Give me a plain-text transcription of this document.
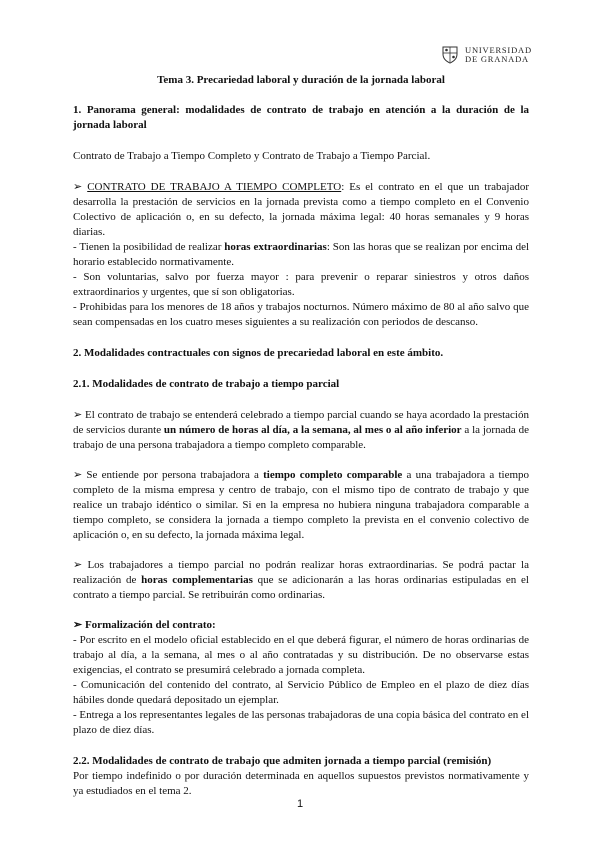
UNIVERSIDAD
DE GRANADA

Tema 3. Precariedad laboral y duración de la jornada laboral

1. Panorama general: modalidades de contrato de trabajo en atención a la duración de la jornada laboral

Contrato de Trabajo a Tiempo Completo y Contrato de Trabajo a Tiempo Parcial.

➢ CONTRATO DE TRABAJO A TIEMPO COMPLETO: Es el contrato en el que un trabajador desarrolla la prestación de servicios en la jornada prevista como a tiempo completo en el Convenio Colectivo de aplicación o, en su defecto, la jornada máxima legal: 40 horas semanales y 9 horas diarias.

- Tienen la posibilidad de realizar horas extraordinarias: Son las horas que se realizan por encima del horario establecido normativamente.

- Son voluntarias, salvo por fuerza mayor : para prevenir o reparar siniestros y otros daños extraordinarios y urgentes, que sí son obligatorias.

- Prohibidas para los menores de 18 años y trabajos nocturnos. Número máximo de 80 al año salvo que sean compensadas en los cuatro meses siguientes a su realización con periodos de descanso.

2. Modalidades contractuales con signos de precariedad laboral en este ámbito.

2.1. Modalidades de contrato de trabajo a tiempo parcial

➢ El contrato de trabajo se entenderá celebrado a tiempo parcial cuando se haya acordado la prestación de servicios durante un número de horas al día, a la semana, al mes o al año inferior a la jornada de trabajo de una persona trabajadora a tiempo completo comparable.

➢ Se entiende por persona trabajadora a tiempo completo comparable a una trabajadora a tiempo completo de la misma empresa y centro de trabajo, con el mismo tipo de contrato de trabajo y que realice un trabajo idéntico o similar. Si en la empresa no hubiera ninguna trabajadora comparable a tiempo completo, se considera la jornada a tiempo completo la prevista en el convenio colectivo de aplicación o, en su defecto, la jornada máxima legal.

➢ Los trabajadores a tiempo parcial no podrán realizar horas extraordinarias. Se podrá pactar la realización de horas complementarias que se adicionarán a las horas ordinarias estipuladas en el contrato a tiempo parcial. Se retribuirán como ordinarias.

➢ Formalización del contrato:

- Por escrito en el modelo oficial establecido en el que deberá figurar, el número de horas ordinarias de trabajo al día, a la semana, al mes o al año contratadas y su distribución. De no observarse estas exigencias, el contrato se presumirá celebrado a jornada completa.

- Comunicación del contenido del contrato, al Servicio Público de Empleo en el plazo de diez días hábiles donde quedará depositado un ejemplar.

- Entrega a los representantes legales de las personas trabajadoras de una copia básica del contrato en el plazo de diez días.

2.2. Modalidades de contrato de trabajo que admiten jornada a tiempo parcial (remisión)

Por tiempo indefinido o por duración determinada en aquellos supuestos previstos normativamente y ya estudiados en el tema 2.

1
